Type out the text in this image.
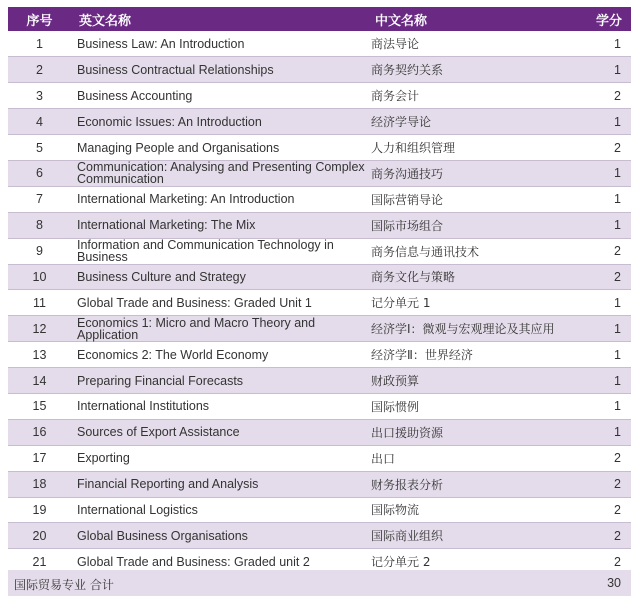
序号	英文名称	中文名称	学分
1	Business Law: An Introduction	商法导论	1
2	Business Contractual Relationships	商务契约关系	1
3	Business Accounting	商务会计	2
4	Economic Issues: An Introduction	经济学导论	1
5	Managing People and Organisations	人力和组织管理	2
6	Communication: Analysing and Presenting Complex Communication	商务沟通技巧	1
7	International Marketing: An Introduction	国际营销导论	1
8	International Marketing: The Mix	国际市场组合	1
9	Information and Communication Technology in Business	商务信息与通讯技术	2
10	Business Culture and Strategy	商务文化与策略	2
11	Global Trade and Business: Graded Unit 1	记分单元 1	1
12	Economics 1: Micro and Macro Theory and Application	经济学Ⅰ：微观与宏观理论及其应用	1
13	Economics 2: The World Economy	经济学Ⅱ：世界经济	1
14	Preparing Financial Forecasts	财政预算	1
15	International Institutions	国际惯例	1
16	Sources of Export Assistance	出口援助资源	1
17	Exporting	出口	2
18	Financial Reporting and Analysis	财务报表分析	2
19	International Logistics	国际物流	2
20	Global Business Organisations	国际商业组织	2
21	Global Trade and Business: Graded unit 2	记分单元 2	2
国际贸易专业 合计	30
